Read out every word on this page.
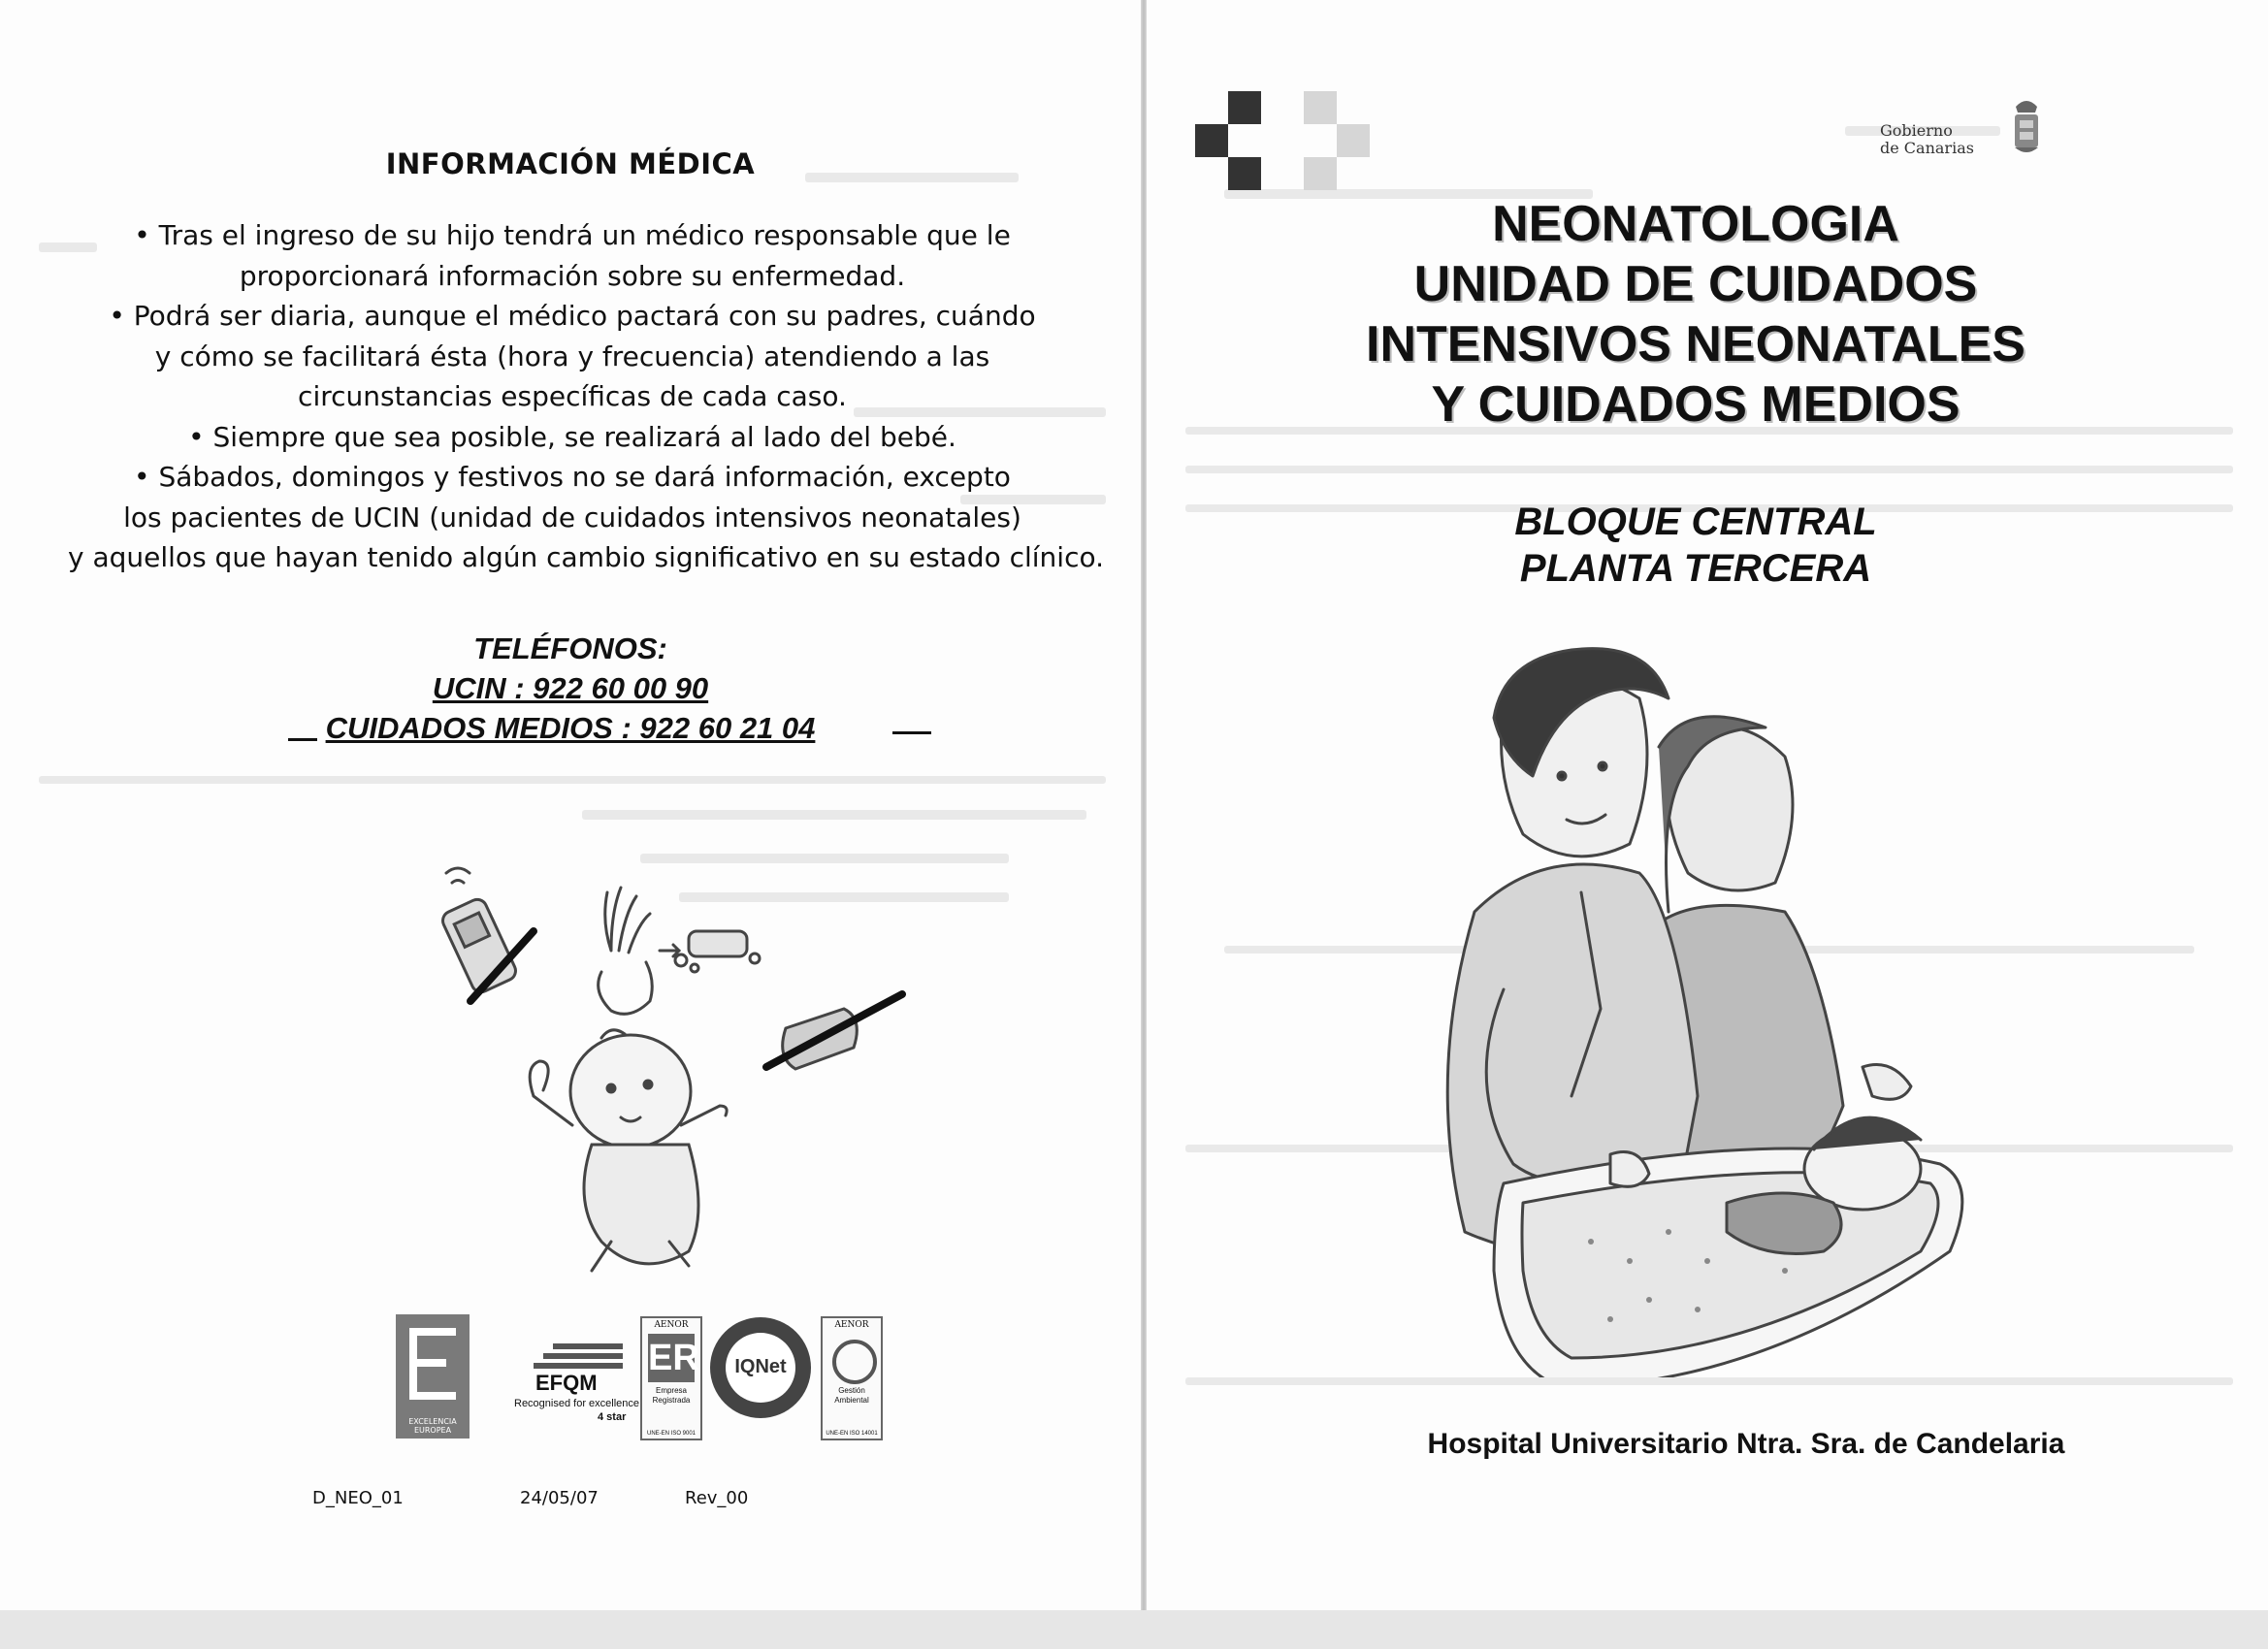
INFORMACIÓN MÉDICA
• Tras el ingreso de su hijo tendrá un médico responsable que le
proporcionará información sobre su enfermedad.
• Podrá ser diaria, aunque el médico pactará con su padres, cuándo
y cómo se facilitará ésta (hora y frecuencia) atendiendo a las
circunstancias específicas de cada caso.
• Siempre que sea posible, se realizará al lado del bebé.
• Sábados, domingos y festivos no se dará información, excepto
los pacientes de UCIN (unidad de cuidados intensivos neonatales)
y aquellos que hayan tenido algún cambio significativo en su estado clínico.
TELÉFONOS:
UCIN : 922 60 00 90
CUIDADOS MEDIOS : 922 60 21 04
EXCELENCIA EUROPEA
EFQM
Recognised for excellence
4 star
AENOR
ER
Empresa Registrada
UNE-EN ISO 9001
IQNet
AENOR
Gestión Ambiental
UNE-EN ISO 14001
D_NEO_01	24/05/07	Rev_00
Gobierno
de Canarias
NEONATOLOGIA
UNIDAD DE CUIDADOS
INTENSIVOS NEONATALES
Y CUIDADOS MEDIOS
BLOQUE CENTRAL
PLANTA TERCERA
Hospital Universitario Ntra. Sra. de Candelaria
